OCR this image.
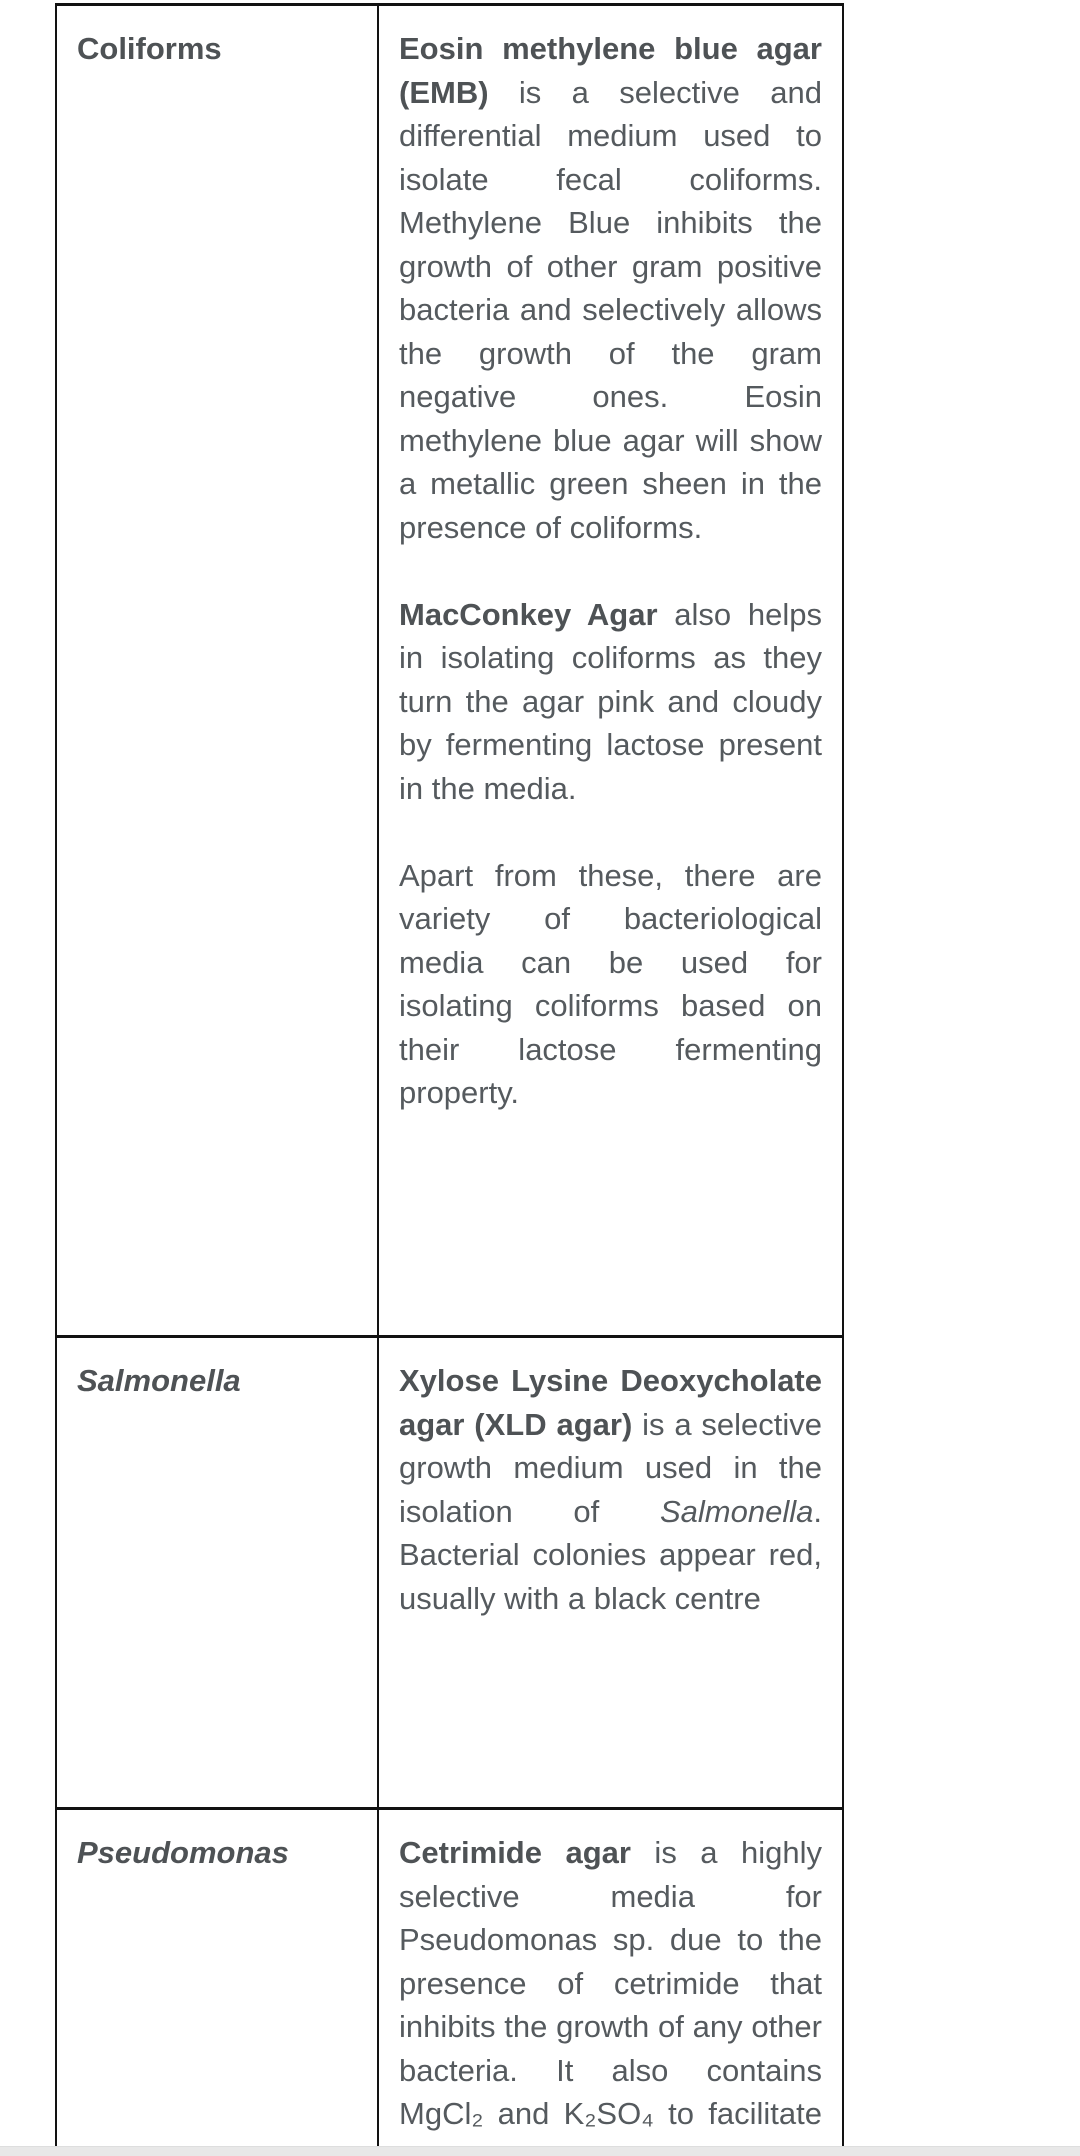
Coliforms	Eosin methylene blue agar (EMB) is a selective and differential medium used to isolate fecal coliforms. Methylene Blue inhibits the growth of other gram positive bacteria and selectively allows the growth of the gram negative ones. Eosin methylene blue agar will show a metallic green sheen in the presence of coliforms.

MacConkey Agar also helps in isolating coliforms as they turn the agar pink and cloudy by fermenting lactose present in the media.

Apart from these, there are variety of bacteriological media can be used for isolating coliforms based on their lactose fermenting property.

Salmonella	Xylose Lysine Deoxycholate agar (XLD agar) is a selective growth medium used in the isolation of Salmonella. Bacterial colonies appear red, usually with a black centre

Pseudomonas	Cetrimide agar is a highly selective media for Pseudomonas sp. due to the presence of cetrimide that inhibits the growth of any other bacteria. It also contains MgCl₂ and K₂SO₄ to facilitate
